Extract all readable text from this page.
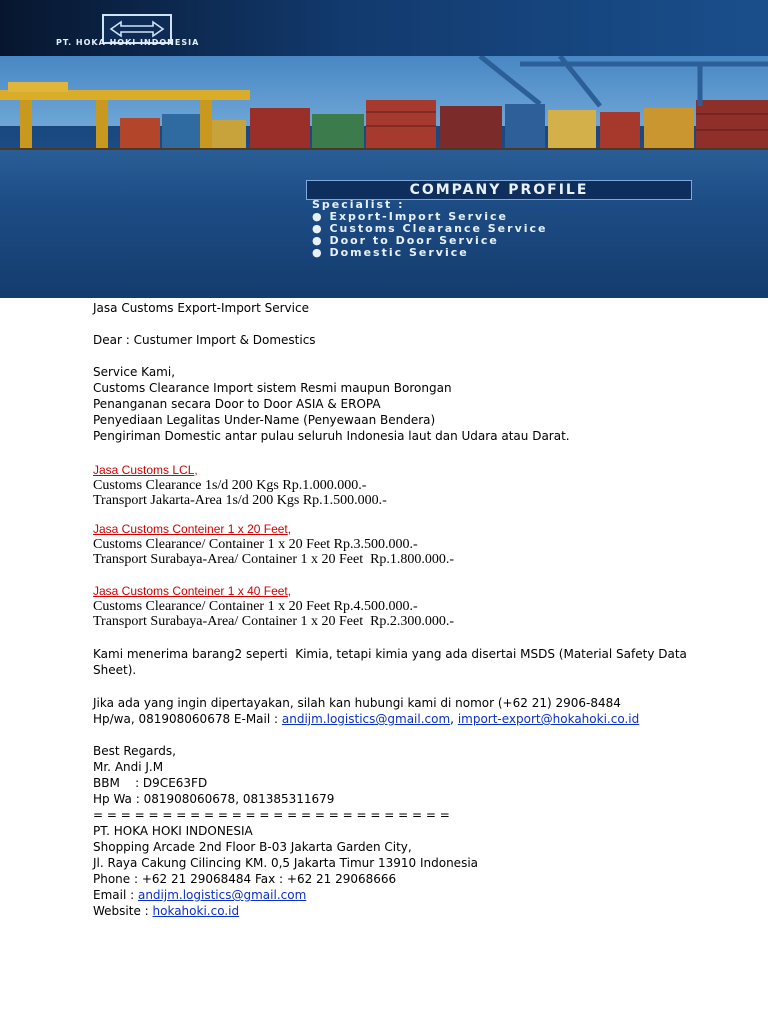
PT. HOKA HOKI INDONESIA
COMPANY PROFILE
Specialist :
● Export-Import Service
● Customs Clearance Service
● Door to Door Service
● Domestic Service

Jasa Customs Export-Import Service

Dear : Custumer Import & Domestics

Service Kami,
Customs Clearance Import sistem Resmi maupun Borongan
Penanganan secara Door to Door ASIA & EROPA
Penyediaan Legalitas Under-Name (Penyewaan Bendera)
Pengiriman Domestic antar pulau seluruh Indonesia laut dan Udara atau Darat.
Jasa Customs LCL,
Customs Clearance 1s/d 200 Kgs Rp.1.000.000.-
Transport Jakarta-Area 1s/d 200 Kgs Rp.1.500.000.-
Jasa Customs Conteiner 1 x 20 Feet,
Customs Clearance/ Container 1 x 20 Feet Rp.3.500.000.-
Transport Surabaya-Area/ Container 1 x 20 Feet  Rp.1.800.000.-
Jasa Customs Conteiner 1 x 40 Feet,
Customs Clearance/ Container 1 x 20 Feet Rp.4.500.000.-
Transport Surabaya-Area/ Container 1 x 20 Feet  Rp.2.300.000.-
Kami menerima barang2 seperti  Kimia, tetapi kimia yang ada disertai MSDS (Material Safety Data
Sheet).
Jika ada yang ingin dipertayakan, silah kan hubungi kami di nomor (+62 21) 2906-8484
Hp/wa, 081908060678 E-Mail : andijm.logistics@gmail.com, import-export@hokahoki.co.id
Best Regards,
Mr. Andi J.M
BBM    : D9CE63FD
Hp Wa : 081908060678, 081385311679
= = = = = = = = = = = = = = = = = = = = = = = = = =
PT. HOKA HOKI INDONESIA
Shopping Arcade 2nd Floor B-03 Jakarta Garden City,
Jl. Raya Cakung Cilincing KM. 0,5 Jakarta Timur 13910 Indonesia
Phone : +62 21 29068484 Fax : +62 21 29068666
Email : andijm.logistics@gmail.com
Website : hokahoki.co.id
